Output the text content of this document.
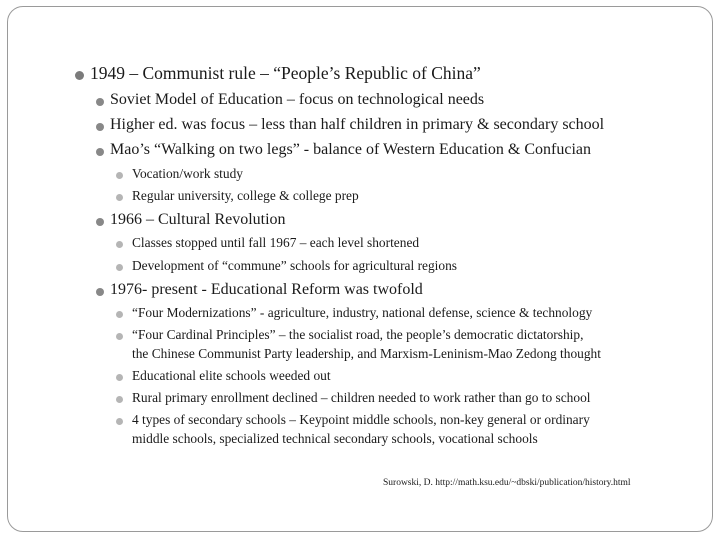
1949 – Communist rule – “People’s Republic of China”
Soviet Model of Education – focus on technological needs
Higher ed. was focus – less than half children in primary & secondary school
Mao’s “Walking on two legs” - balance of Western Education & Confucian
Vocation/work study
Regular university, college & college prep
1966 – Cultural Revolution
Classes stopped until fall 1967 – each level shortened
Development of “commune” schools for agricultural regions
1976- present - Educational Reform was twofold
“Four Modernizations” - agriculture, industry, national defense, science & technology
“Four Cardinal Principles” – the socialist road, the people’s democratic dictatorship,
the Chinese Communist Party leadership, and Marxism-Leninism-Mao Zedong thought
Educational elite schools weeded out
Rural primary enrollment declined – children needed to work rather than go to school
4 types of secondary schools – Keypoint middle schools, non-key general or ordinary
middle schools, specialized technical secondary schools, vocational schools
Surowski, D. http://math.ksu.edu/~dbski/publication/history.html
